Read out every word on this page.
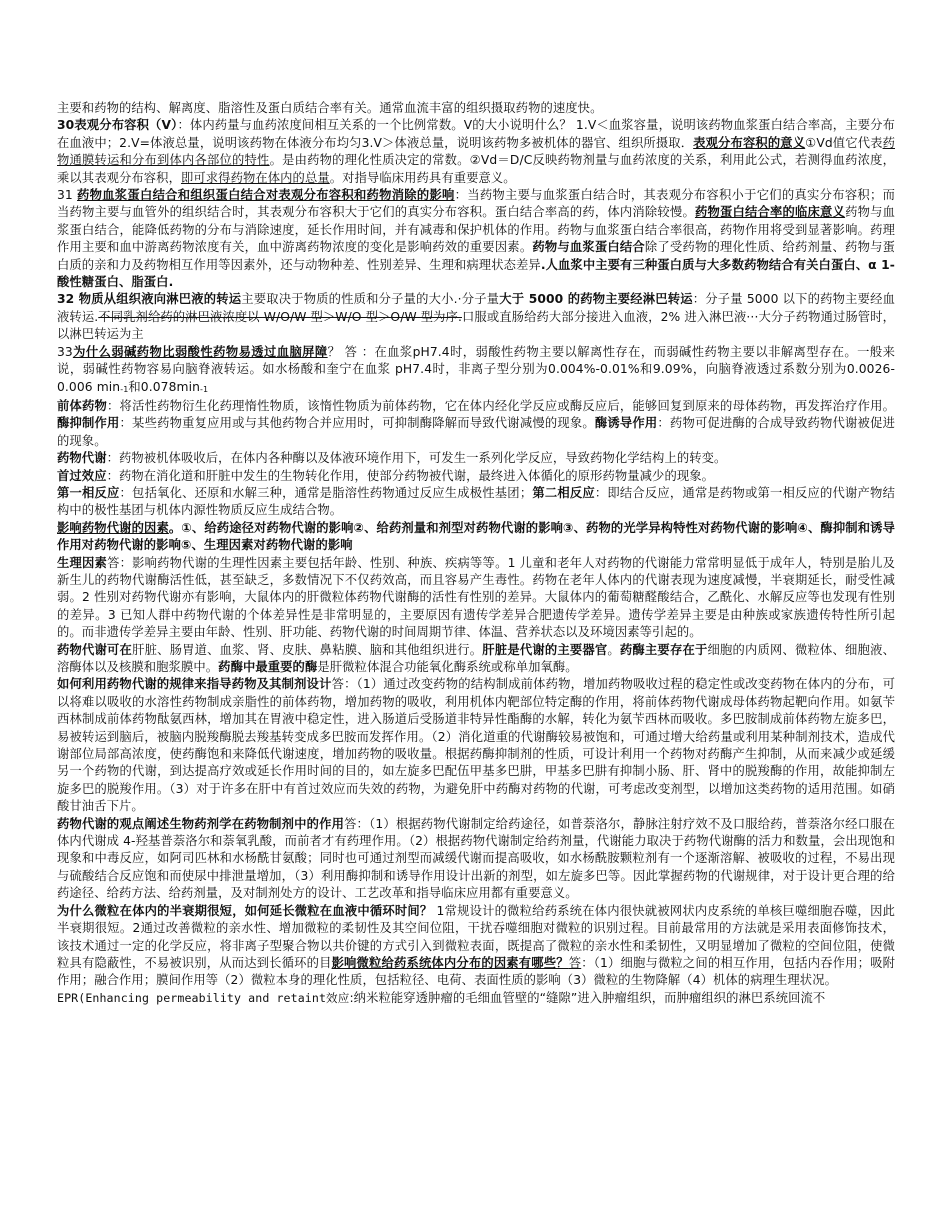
主要和药物的结构、解离度、脂溶性及蛋白质结合率有关。通常血流丰富的组织摄取药物的速度快。

30表观分布容积（V）：体内药量与血药浓度间相互关系的一个比例常数。V的大小说明什么？ 1.V＜血浆容量，说明该药物血浆蛋白结合率高，主要分布在血液中；2.V=体液总量，说明该药物在体液分布均匀3.V＞体液总量，说明该药物多被机体的器官、组织所摄取．表观分布容积的意义①Vd值它代表药物通膜转运和分布到体内各部位的特性。是由药物的理化性质决定的常数。②Vd＝D/C反映药物剂量与血药浓度的关系，利用此公式，若测得血药浓度，乘以其表观分布容积，即可求得药物在体内的总量。对指导临床用药具有重要意义。

31 药物血浆蛋白结合和组织蛋白结合对表观分布容积和药物消除的影响：当药物主要与血浆蛋白结合时，其表观分布容积小于它们的真实分布容积；而当药物主要与血管外的组织结合时，其表观分布容积大于它们的真实分布容积。蛋白结合率高的药，体内消除较慢。药物蛋白结合率的临床意义药物与血浆蛋白结合，能降低药物的分布与消除速度，延长作用时间，并有减毒和保护机体的作用。药物与血浆蛋白结合率很高，药物作用将受到显著影响。药理作用主要和血中游离药物浓度有关，血中游离药物浓度的变化是影响药效的重要因素。药物与血浆蛋白结合除了受药物的理化性质、给药剂量、药物与蛋白质的亲和力及药物相互作用等因素外，还与动物种差、性别差异、生理和病理状态差异.人血浆中主要有三种蛋白质与大多数药物结合有关白蛋白、α 1-酸性糖蛋白、脂蛋白.

32 物质从组织液向淋巴液的转运主要取决于物质的性质和分子量的大小.·分子量大于 5000 的药物主要经淋巴转运：分子量 5000 以下的药物主要经血液转运.不同乳剂给药的淋巴液浓度以 W/O/W 型＞W/O 型＞O/W 型为序.口服或直肠给药大部分接进入血液，2% 进入淋巴液···大分子药物通过肠管时，以淋巴转运为主

33为什么弱碱药物比弱酸性药物易透过血脑屏障？ 答 ：在血浆pH7.4时，弱酸性药物主要以解离性存在，而弱碱性药物主要以非解离型存在。一般来说，弱碱性药物容易向脑脊液转运。如水杨酸和奎宁在血浆 pH7.4时，非离子型分别为0.004%-0.01%和9.09%，向脑脊液透过系数分别为0.0026-0.006 min-1和0.078min-1

前体药物：将活性药物衍生化药理惰性物质，该惰性物质为前体药物，它在体内经化学反应或酶反应后，能够回复到原来的母体药物，再发挥治疗作用。酶抑制作用：某些药物重复应用或与其他药物合并应用时，可抑制酶降解而导致代谢减慢的现象。酶诱导作用：药物可促进酶的合成导致药物代谢被促进的现象。

药物代谢：药物被机体吸收后，在体内各种酶以及体液环境作用下，可发生一系列化学反应，导致药物化学结构上的转变。

首过效应：药物在消化道和肝脏中发生的生物转化作用，使部分药物被代谢，最终进入体循化的原形药物量减少的现象。

第一相反应：包括氧化、还原和水解三种，通常是脂溶性药物通过反应生成极性基团；第二相反应：即结合反应，通常是药物或第一相反应的代谢产物结构中的极性基团与机体内源性物质反应生成结合物。

影响药物代谢的因素。①、给药途径对药物代谢的影响②、给药剂量和剂型对药物代谢的影响③、药物的光学异构特性对药物代谢的影响④、酶抑制和诱导作用对药物代谢的影响⑤、生理因素对药物代谢的影响

生理因素答：影响药物代谢的生理性因素主要包括年龄、性别、种族、疾病等等。1 儿童和老年人对药物的代谢能力常常明显低于成年人，特别是胎儿及新生儿的药物代谢酶活性低，甚至缺乏，多数情况下不仅药效高，而且容易产生毒性。药物在老年人体内的代谢表现为速度减慢，半衰期延长，耐受性减弱。2 性别对药物代谢亦有影响，大鼠体内的肝微粒体药物代谢酶的活性有性别的差异。大鼠体内的葡萄糖醛酸结合，乙酰化、水解反应等也发现有性别的差异。3 已知人群中药物代谢的个体差异性是非常明显的，主要原因有遗传学差异合肥遗传学差异。遗传学差异主要是由种族或家族遗传特性所引起的。而非遗传学差异主要由年龄、性别、肝功能、药物代谢的时间周期节律、体温、营养状态以及环境因素等引起的。

药物代谢可在肝脏、肠胃道、血浆、肾、皮肤、鼻粘膜、脑和其他组织进行。肝脏是代谢的主要器官。药酶主要存在于细胞的内质网、微粒体、细胞液、溶酶体以及核膜和胞浆膜中。药酶中最重要的酶是肝微粒体混合功能氧化酶系统或称单加氧酶。

如何利用药物代谢的规律来指导药物及其制剂设计答：（1）通过改变药物的结构制成前体药物，增加药物吸收过程的稳定性或改变药物在体内的分布，可以将难以吸收的水溶性药物制成亲脂性的前体药物，增加药物的吸收，利用机体内靶部位特定酶的作用，将前体药物代谢成母体药物起靶向作用。如氨苄西林制成前体药物酞氨西林，增加其在胃液中稳定性，进入肠道后受肠道非特异性酯酶的水解，转化为氨苄西林而吸收。多巴胺制成前体药物左旋多巴，易被转运到脑后，被脑内脱羧酶脱去羧基转变成多巴胺而发挥作用。（2）消化道重的代谢酶较易被饱和，可通过增大给药量或利用某种制剂技术，造成代谢部位局部高浓度，使药酶饱和来降低代谢速度，增加药物的吸收量。根据药酶抑制剂的性质，可设计利用一个药物对药酶产生抑制，从而来减少或延缓另一个药物的代谢，到达提高疗效或延长作用时间的目的，如左旋多巴配伍甲基多巴肼，甲基多巴肼有抑制小肠、肝、肾中的脱羧酶的作用，故能抑制左旋多巴的脱羧作用。（3）对于许多在肝中有首过效应而失效的药物，为避免肝中药酶对药物的代谢，可考虑改变剂型，以增加这类药物的适用范围。如硝酸甘油舌下片。

药物代谢的观点阐述生物药剂学在药物制剂中的作用答：（1）根据药物代谢制定给药途径，如普萘洛尔，静脉注射疗效不及口服给药，普萘洛尔经口服在体内代谢成 4-羟基普萘洛尔和萘氧乳酸，而前者才有药理作用。（2）根据药物代谢制定给药剂量，代谢能力取决于药物代谢酶的活力和数量，会出现饱和现象和中毒反应，如阿司匹林和水杨酰甘氨酸；同时也可通过剂型而减缓代谢而提高吸收，如水杨酰胺颗粒剂有一个逐渐溶解、被吸收的过程，不易出现与硫酸结合反应饱和而使尿中排泄量增加，（3）利用酶抑制和诱导作用设计出新的剂型，如左旋多巴等。因此掌握药物的代谢规律，对于设计更合理的给药途径、给药方法、给药剂量，及对制剂处方的设计、工艺改革和指导临床应用都有重要意义。

为什么微粒在体内的半衰期很短，如何延长微粒在血液中循环时间？ 1常规设计的微粒给药系统在体内很快就被网状内皮系统的单核巨噬细胞吞噬，因此半衰期很短。2通过改善微粒的亲水性、增加微粒的柔韧性及其空间位阻，干扰吞噬细胞对微粒的识别过程。目前最常用的方法就是采用表面修饰技术，该技术通过一定的化学反应，将非离子型聚合物以共价键的方式引入到微粒表面，既提高了微粒的亲水性和柔韧性，又明显增加了微粒的空间位阻，使微粒具有隐蔽性，不易被识别，从而达到长循环的目影响微粒给药系统体内分布的因素有哪些？答：（1）细胞与微粒之间的相互作用，包括内吞作用；吸附作用；融合作用；膜间作用等（2）微粒本身的理化性质，包括粒径、电荷、表面性质的影响（3）微粒的生物降解（4）机体的病理生理状况。

EPR(Enhancing permeability and retaint效应:纳米粒能穿透肿瘤的毛细血管壁的“缝隙”进入肿瘤组织，而肿瘤组织的淋巴系统回流不
